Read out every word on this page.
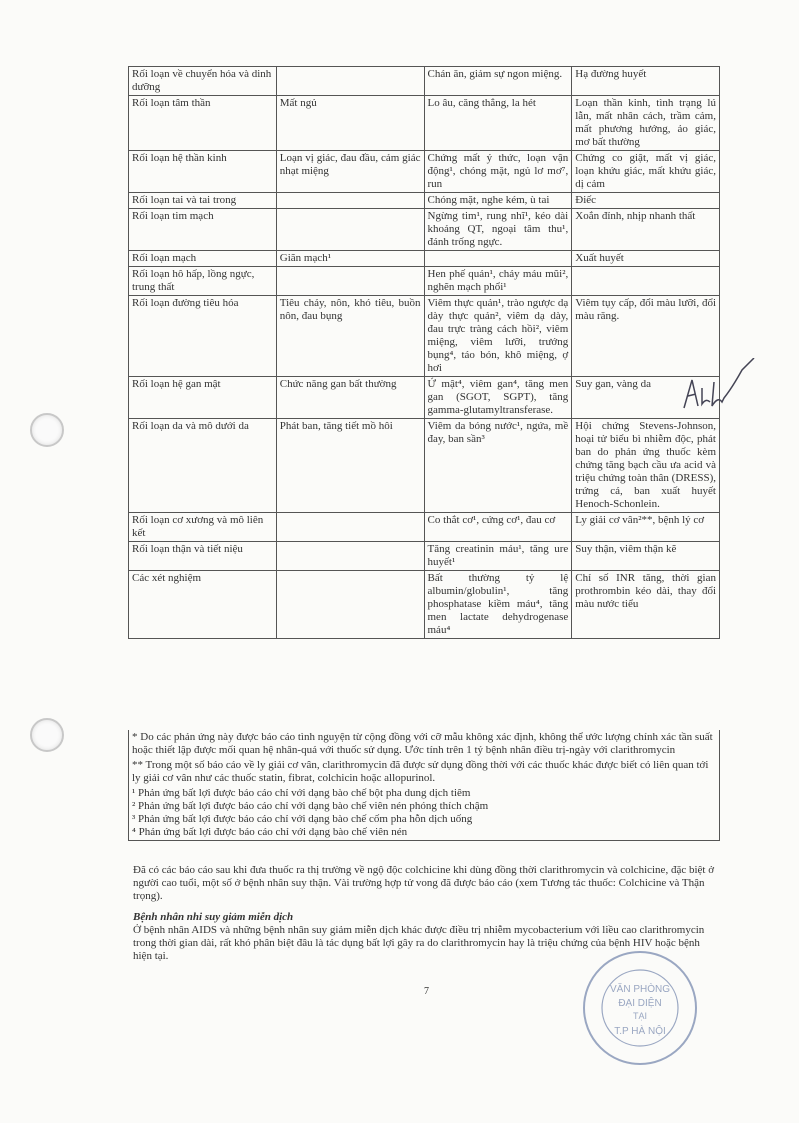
Rối loạn về chuyển hóa và dinh dưỡng		Chán ăn, giảm sự ngon miệng.	Hạ đường huyết
Rối loạn tâm thần	Mất ngủ	Lo âu, căng thẳng, la hét	Loạn thần kinh, tình trạng lú lẫn, mất nhân cách, trầm cảm, mất phương hướng, ảo giác, mơ bất thường
Rối loạn hệ thần kinh	Loạn vị giác, đau đầu, cảm giác nhạt miệng	Chứng mất ý thức, loạn vận động¹, chóng mặt, ngủ lơ mơ⁷, run	Chứng co giật, mất vị giác, loạn khứu giác, mất khứu giác, dị cảm
Rối loạn tai và tai trong		Chóng mặt, nghe kém, ù tai	Điếc
Rối loạn tim mạch		Ngừng tim¹, rung nhĩ¹, kéo dài khoảng QT, ngoại tâm thu¹, đánh trống ngực.	Xoắn đỉnh, nhịp nhanh thất
Rối loạn mạch	Giãn mạch¹		Xuất huyết
Rối loạn hô hấp, lồng ngực, trung thất		Hen phế quản¹, chảy máu mũi², nghẽn mạch phổi¹	
Rối loạn đường tiêu hóa	Tiêu chảy, nôn, khó tiêu, buồn nôn, đau bụng	Viêm thực quản¹, trào ngược dạ dày thực quản², viêm dạ dày, đau trực tràng cách hồi², viêm miệng, viêm lưỡi, trướng bụng⁴, táo bón, khô miệng, ợ hơi	Viêm tụy cấp, đổi màu lưỡi, đổi màu răng.
Rối loạn hệ gan mật	Chức năng gan bất thường	Ứ mật⁴, viêm gan⁴, tăng men gan (SGOT, SGPT), tăng gamma-glutamyltransferase.	Suy gan, vàng da
Rối loạn da và mô dưới da	Phát ban, tăng tiết mồ hôi	Viêm da bóng nước¹, ngứa, mề đay, ban sần³	Hội chứng Stevens-Johnson, hoại tử biểu bì nhiễm độc, phát ban do phản ứng thuốc kèm chứng tăng bạch cầu ưa acid và triệu chứng toàn thân (DRESS), trứng cá, ban xuất huyết Henoch-Schonlein.
Rối loạn cơ xương và mô liên kết		Co thắt cơ¹, cứng cơ¹, đau cơ	Ly giải cơ vân²**, bệnh lý cơ
Rối loạn thận và tiết niệu		Tăng creatinin máu¹, tăng ure huyết¹	Suy thận, viêm thận kẽ
Các xét nghiệm		Bất thường tỷ lệ albumin/globulin¹, tăng phosphatase kiềm máu⁴, tăng men lactate dehydrogenase máu⁴	Chỉ số INR tăng, thời gian prothrombin kéo dài, thay đổi màu nước tiểu

* Do các phản ứng này được báo cáo tình nguyện từ cộng đồng với cỡ mẫu không xác định, không thể ước lượng chính xác tần suất hoặc thiết lập được mối quan hệ nhân-quả với thuốc sử dụng. Ước tính trên 1 tỷ bệnh nhân điều trị-ngày với clarithromycin

** Trong một số báo cáo về ly giải cơ vân, clarithromycin đã được sử dụng đồng thời với các thuốc khác được biết có liên quan tới ly giải cơ vân như các thuốc statin, fibrat, colchicin hoặc allopurinol.

¹ Phản ứng bất lợi được báo cáo chỉ với dạng bào chế bột pha dung dịch tiêm

² Phản ứng bất lợi được báo cáo chỉ với dạng bào chế viên nén phóng thích chậm

³ Phản ứng bất lợi được báo cáo chỉ với dạng bào chế cốm pha hỗn dịch uống

⁴ Phản ứng bất lợi được báo cáo chỉ với dạng bào chế viên nén

Đã có các báo cáo sau khi đưa thuốc ra thị trường về ngộ độc colchicine khi dùng đồng thời clarithromycin và colchicine, đặc biệt ở người cao tuổi, một số ở bệnh nhân suy thận. Vài trường hợp tử vong đã được báo cáo (xem Tương tác thuốc: Colchicine và Thận trọng).

Bệnh nhân nhi suy giảm miễn dịch

Ở bệnh nhân AIDS và những bệnh nhân suy giảm miễn dịch khác được điều trị nhiễm mycobacterium với liều cao clarithromycin trong thời gian dài, rất khó phân biệt đâu là tác dụng bất lợi gây ra do clarithromycin hay là triệu chứng của bệnh HIV hoặc bệnh hiện tại.

7	VĂN PHÒNG
ĐẠI DIỆN
TẠI
T.P HÀ NỘI
